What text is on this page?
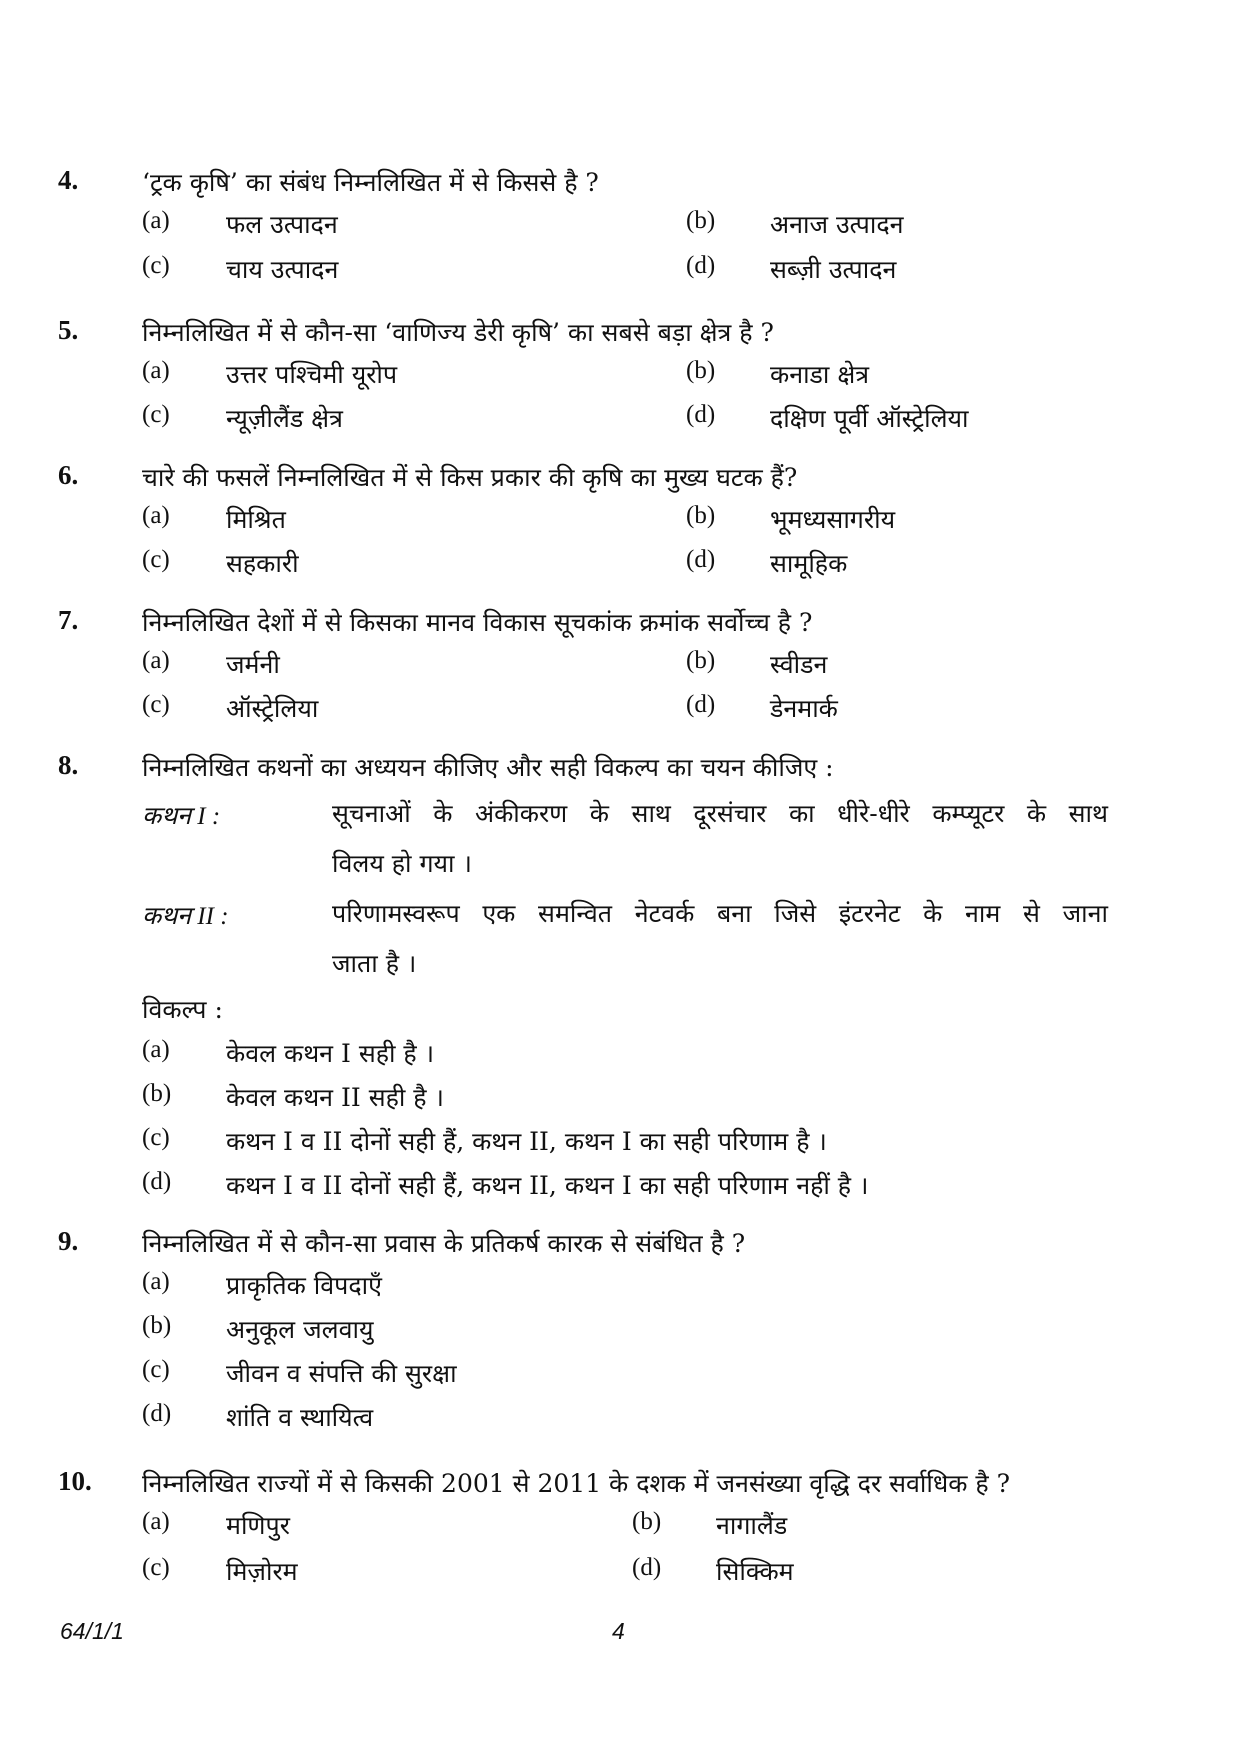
4.	‘ट्रक कृषि’ का संबंध निम्नलिखित में से किससे है ?
(a) फल उत्पादन	(b) अनाज उत्पादन
(c) चाय उत्पादन	(d) सब्ज़ी उत्पादन
5.	निम्नलिखित में से कौन-सा ‘वाणिज्य डेरी कृषि’ का सबसे बड़ा क्षेत्र है ?
(a) उत्तर पश्चिमी यूरोप	(b) कनाडा क्षेत्र
(c) न्यूज़ीलैंड क्षेत्र	(d) दक्षिण पूर्वी ऑस्ट्रेलिया
6.	चारे की फसलें निम्नलिखित में से किस प्रकार की कृषि का मुख्य घटक हैं?
(a) मिश्रित	(b) भूमध्यसागरीय
(c) सहकारी	(d) सामूहिक
7.	निम्नलिखित देशों में से किसका मानव विकास सूचकांक क्रमांक सर्वोच्च है ?
(a) जर्मनी	(b) स्वीडन
(c) ऑस्ट्रेलिया	(d) डेनमार्क
8.	निम्नलिखित कथनों का अध्ययन कीजिए और सही विकल्प का चयन कीजिए :
कथन I :	सूचनाओं के अंकीकरण के साथ दूरसंचार का धीरे-धीरे कम्प्यूटर के साथ
विलय हो गया ।
कथन II :	परिणामस्वरूप एक समन्वित नेटवर्क बना जिसे इंटरनेट के नाम से जाना
जाता है ।
विकल्प :
(a) केवल कथन I सही है ।
(b) केवल कथन II सही है ।
(c) कथन I व II दोनों सही हैं, कथन II, कथन I का सही परिणाम है ।
(d) कथन I व II दोनों सही हैं, कथन II, कथन I का सही परिणाम नहीं है ।
9.	निम्नलिखित में से कौन-सा प्रवास के प्रतिकर्ष कारक से संबंधित है ?
(a) प्राकृतिक विपदाएँ
(b) अनुकूल जलवायु
(c) जीवन व संपत्ति की सुरक्षा
(d) शांति व स्थायित्व
10. निम्नलिखित राज्यों में से किसकी 2001 से 2011 के दशक में जनसंख्या वृद्धि दर सर्वाधिक है ?
(a) मणिपुर	(b) नागालैंड
(c) मिज़ोरम	(d) सिक्किम
64/1/1	4
